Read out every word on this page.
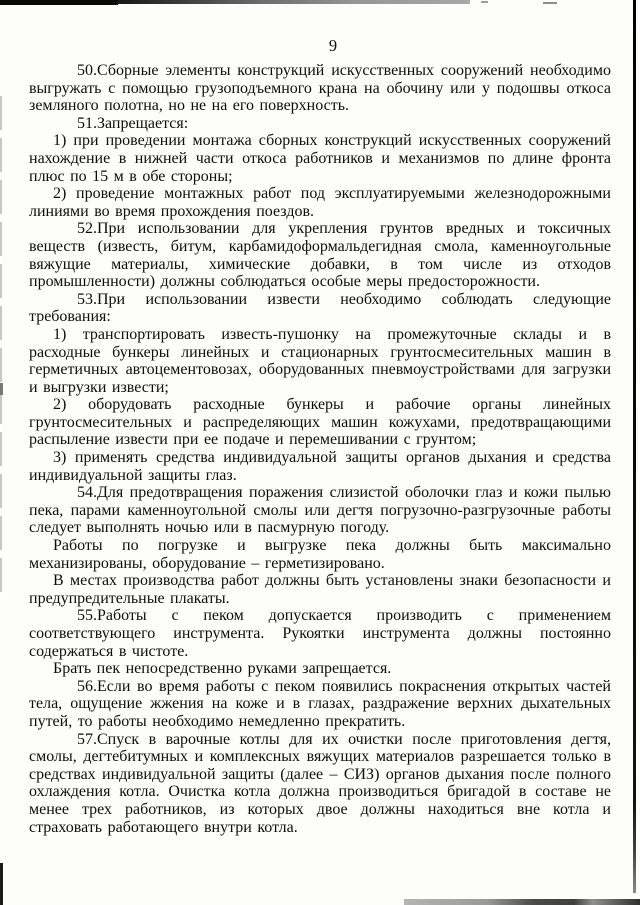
9

50.Сборные элементы конструкций искусственных сооружений необходимо выгружать с помощью грузоподъемного крана на обочину или у подошвы откоса земляного полотна, но не на его поверхность.

51.Запрещается:

1) при проведении монтажа сборных конструкций искусственных сооружений нахождение в нижней части откоса работников и механизмов по длине фронта плюс по 15 м в обе стороны;

2) проведение монтажных работ под эксплуатируемыми железнодорожными линиями во время прохождения поездов.

52.При использовании для укрепления грунтов вредных и токсичных веществ (известь, битум, карбамидоформальдегидная смола, каменноугольные вяжущие материалы, химические добавки, в том числе из отходов промышленности) должны соблюдаться особые меры предосторожности.

53.При использовании извести необходимо соблюдать следующие требования:

1) транспортировать известь-пушонку на промежуточные склады и в расходные бункеры линейных и стационарных грунтосмесительных машин в герметичных автоцементовозах, оборудованных пневмоустройствами для загрузки и выгрузки извести;

2) оборудовать расходные бункеры и рабочие органы линейных грунтосмесительных и распределяющих машин кожухами, предотвращающими распыление извести при ее подаче и перемешивании с грунтом;

3) применять средства индивидуальной защиты органов дыхания и средства индивидуальной защиты глаз.

54.Для предотвращения поражения слизистой оболочки глаз и кожи пылью пека, парами каменноугольной смолы или дегтя погрузочно-разгрузочные работы следует выполнять ночью или в пасмурную погоду.

Работы по погрузке и выгрузке пека должны быть максимально механизированы, оборудование – герметизировано.

В местах производства работ должны быть установлены знаки безопасности и предупредительные плакаты.

55.Работы с пеком допускается производить с применением соответствующего инструмента. Рукоятки инструмента должны постоянно содержаться в чистоте.

Брать пек непосредственно руками запрещается.

56.Если во время работы с пеком появились покраснения открытых частей тела, ощущение жжения на коже и в глазах, раздражение верхних дыхательных путей, то работы необходимо немедленно прекратить.

57.Спуск в варочные котлы для их очистки после приготовления дегтя, смолы, дегтебитумных и комплексных вяжущих материалов разрешается только в средствах индивидуальной защиты (далее – СИЗ) органов дыхания после полного охлаждения котла. Очистка котла должна производиться бригадой в составе не менее трех работников, из которых двое должны находиться вне котла и страховать работающего внутри котла.
